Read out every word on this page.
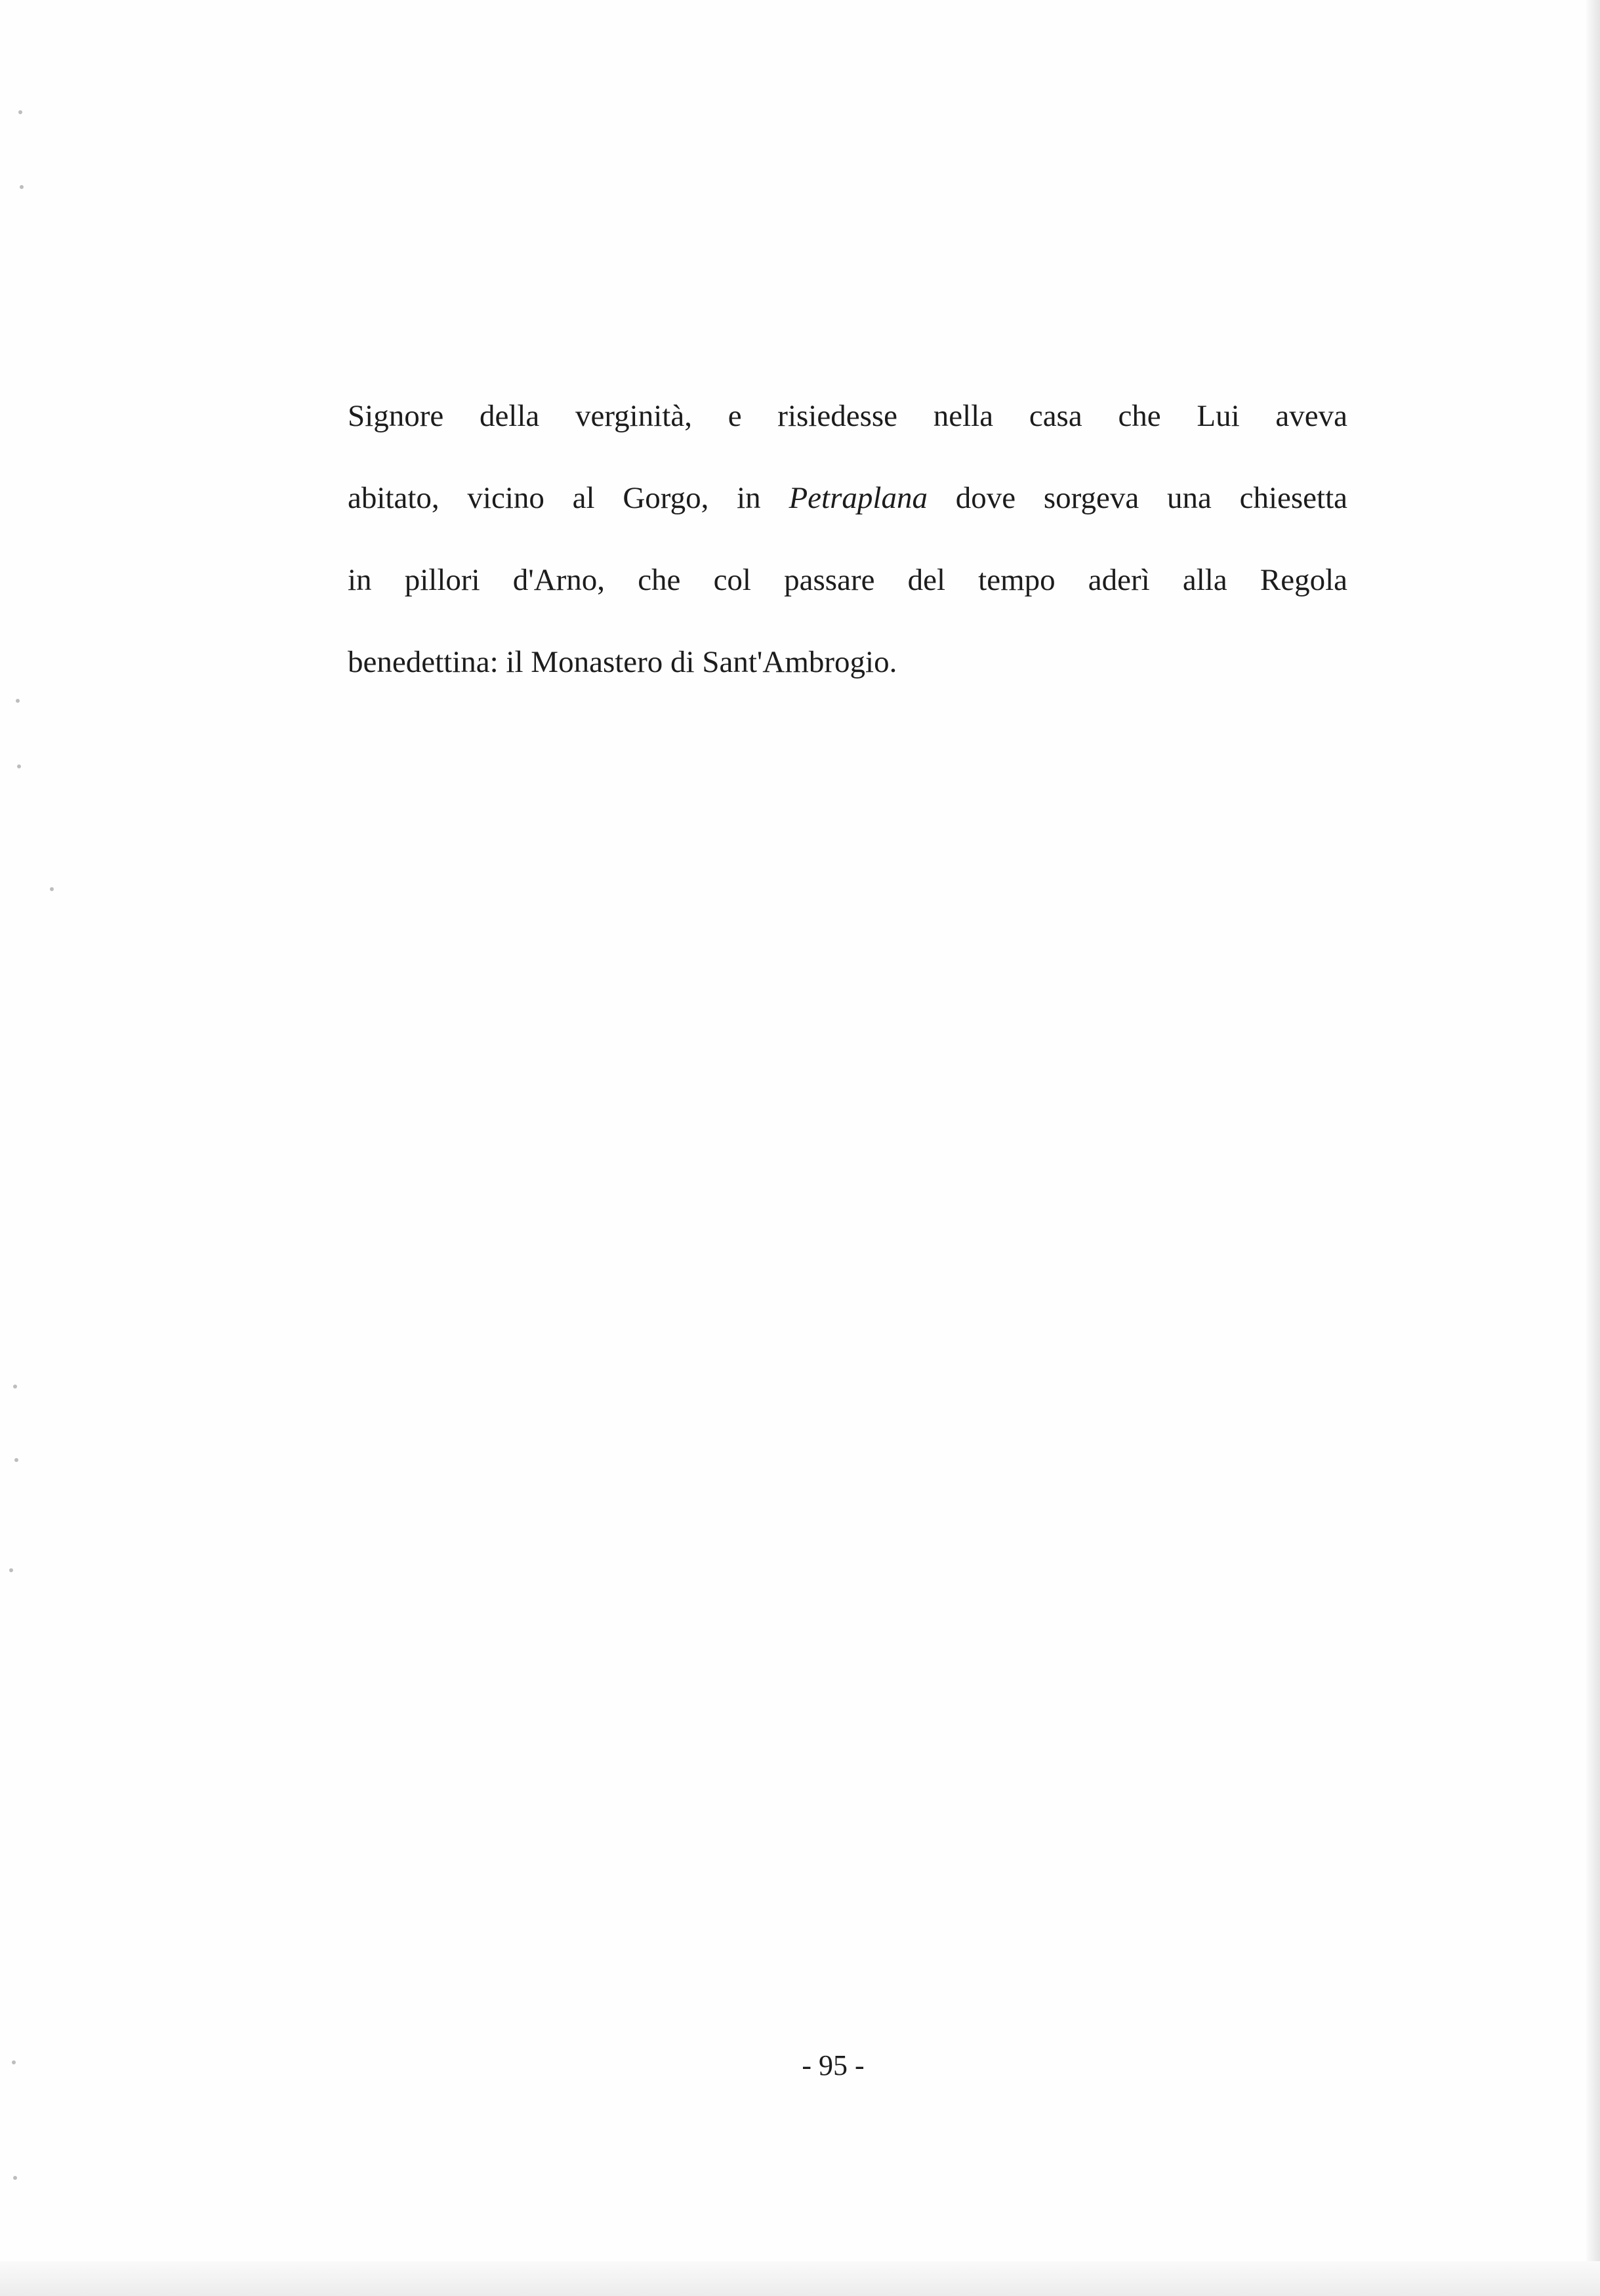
Signore della verginità, e risiedesse nella casa che Lui aveva
abitato, vicino al Gorgo, in Petraplana dove sorgeva una chiesetta
in pillori d'Arno, che col passare del tempo aderì alla Regola
benedettina: il Monastero di Sant'Ambrogio.

- 95 -
